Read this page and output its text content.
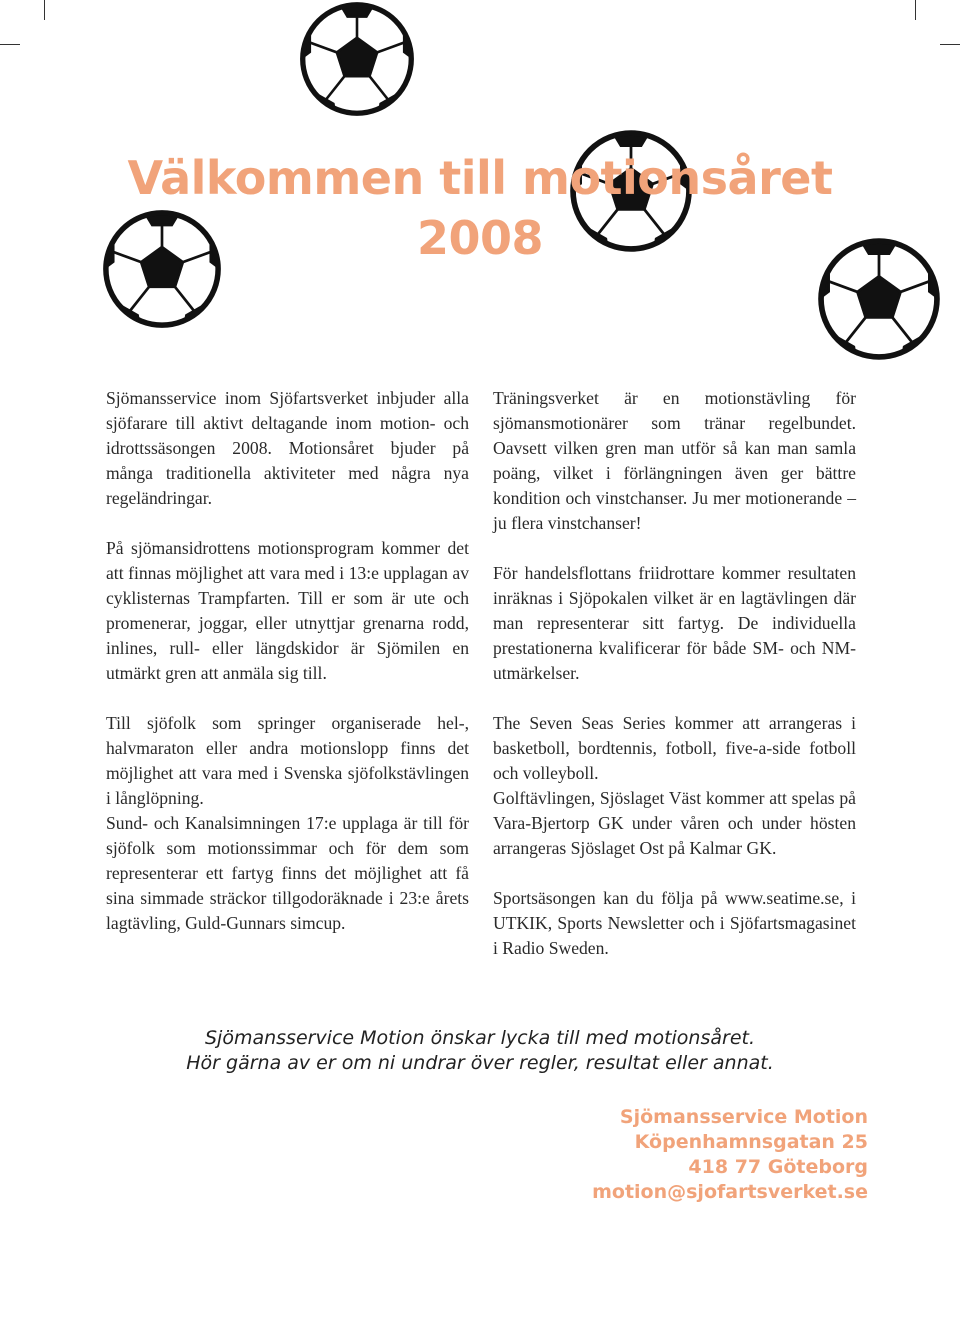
Välkommen till motionsåret
2008

Sjömansservice inom Sjöfartsverket inbjuder alla sjöfarare till aktivt deltagande inom motion- och idrottssäsongen 2008. Motionsåret bjuder på många traditionella aktiviteter med några nya regeländringar.

På sjömansidrottens motionsprogram kommer det att finnas möjlighet att vara med i 13:e upplagan av cyklisternas Trampfarten. Till er som är ute och promenerar, joggar, eller utnyttjar grenarna rodd, inlines, rull- eller längdskidor är Sjömilen en utmärkt gren att anmäla sig till.

Till sjöfolk som springer organiserade hel-, halvmaraton eller andra motionslopp finns det möjlighet att vara med i Svenska sjöfolkstävlingen i långlöpning.

Sund- och Kanalsimningen 17:e upplaga är till för sjöfolk som motionssimmar och för dem som representerar ett fartyg finns det möjlighet att få sina simmade sträckor tillgodoräknade i 23:e årets lagtävling, Guld-Gunnars simcup.

Träningsverket är en motionstävling för sjömansmotionärer som tränar regelbundet. Oavsett vilken gren man utför så kan man samla poäng, vilket i förlängningen även ger bättre kondition och vinstchanser. Ju mer motionerande – ju flera vinstchanser!

För handelsflottans friidrottare kommer resultaten inräknas i Sjöpokalen vilket är en lagtävlingen där man representerar sitt fartyg. De individuella prestationerna kvalificerar för både SM- och NM-utmärkelser.

The Seven Seas Series kommer att arrangeras i basketboll, bordtennis, fotboll, five-a-side fotboll och volleyboll.

Golftävlingen, Sjöslaget Väst kommer att spelas på Vara-Bjertorp GK under våren och under hösten arrangeras Sjöslaget Ost på Kalmar GK.

Sportsäsongen kan du följa på www.seatime.se, i UTKIK, Sports Newsletter och i Sjöfartsmagasinet i Radio Sweden.

Sjömansservice Motion önskar lycka till med motionsåret.
Hör gärna av er om ni undrar över regler, resultat eller annat.
Sjömansservice Motion
Köpenhamnsgatan 25
418 77 Göteborg
motion@sjofartsverket.se
